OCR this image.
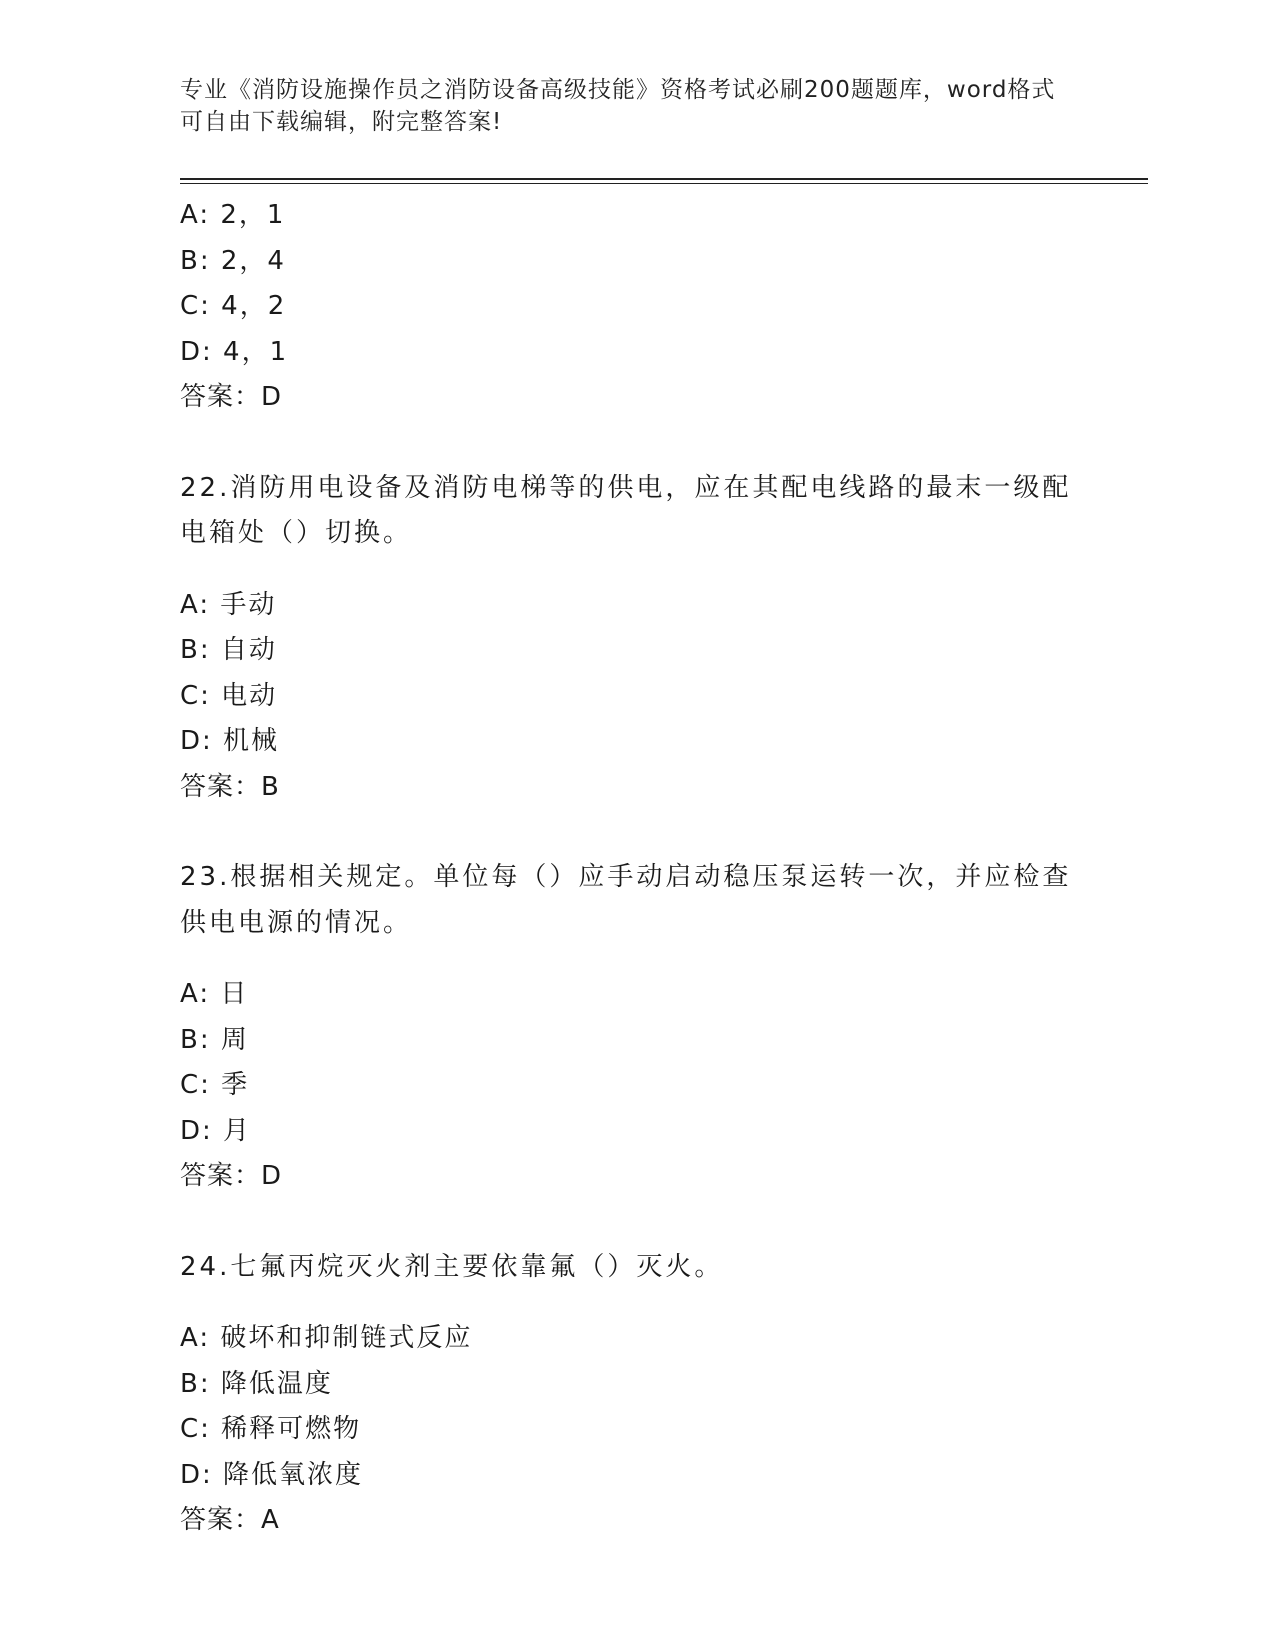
专业《消防设施操作员之消防设备高级技能》资格考试必刷200题题库，word格式可自由下载编辑，附完整答案!

A: 2，1

B: 2，4

C: 4，2

D: 4，1

答案：D

22.消防用电设备及消防电梯等的供电，应在其配电线路的最末一级配电箱处（）切换。

A: 手动

B: 自动

C: 电动

D: 机械

答案：B

23.根据相关规定。单位每（）应手动启动稳压泵运转一次，并应检查供电电源的情况。

A: 日

B: 周

C: 季

D: 月

答案：D

24.七氟丙烷灭火剂主要依靠氟（）灭火。

A: 破坏和抑制链式反应

B: 降低温度

C: 稀释可燃物

D: 降低氧浓度

答案：A
